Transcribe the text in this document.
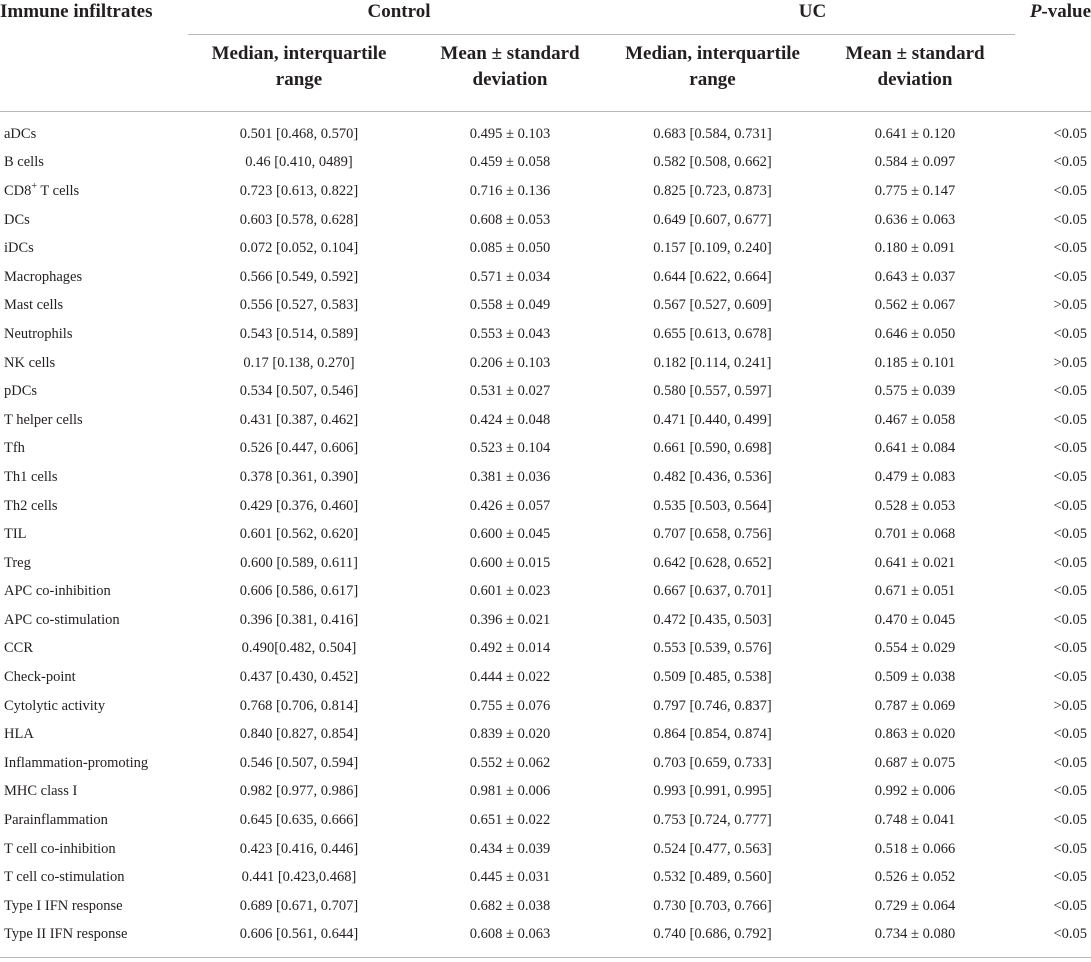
Immune infiltrates	Control		UC		P-value
	Median, interquartile range	Mean ± standard deviation	Median, interquartile range	Mean ± standard deviation	

aDCs	0.501 [0.468, 0.570]	0.495 ± 0.103	0.683 [0.584, 0.731]	0.641 ± 0.120	<0.05
B cells	0.46 [0.410, 0489]	0.459 ± 0.058	0.582 [0.508, 0.662]	0.584 ± 0.097	<0.05
CD8+ T cells	0.723 [0.613, 0.822]	0.716 ± 0.136	0.825 [0.723, 0.873]	0.775 ± 0.147	<0.05
DCs	0.603 [0.578, 0.628]	0.608 ± 0.053	0.649 [0.607, 0.677]	0.636 ± 0.063	<0.05
iDCs	0.072 [0.052, 0.104]	0.085 ± 0.050	0.157 [0.109, 0.240]	0.180 ± 0.091	<0.05
Macrophages	0.566 [0.549, 0.592]	0.571 ± 0.034	0.644 [0.622, 0.664]	0.643 ± 0.037	<0.05
Mast cells	0.556 [0.527, 0.583]	0.558 ± 0.049	0.567 [0.527, 0.609]	0.562 ± 0.067	>0.05
Neutrophils	0.543 [0.514, 0.589]	0.553 ± 0.043	0.655 [0.613, 0.678]	0.646 ± 0.050	<0.05
NK cells	0.17 [0.138, 0.270]	0.206 ± 0.103	0.182 [0.114, 0.241]	0.185 ± 0.101	>0.05
pDCs	0.534 [0.507, 0.546]	0.531 ± 0.027	0.580 [0.557, 0.597]	0.575 ± 0.039	<0.05
T helper cells	0.431 [0.387, 0.462]	0.424 ± 0.048	0.471 [0.440, 0.499]	0.467 ± 0.058	<0.05
Tfh	0.526 [0.447, 0.606]	0.523 ± 0.104	0.661 [0.590, 0.698]	0.641 ± 0.084	<0.05
Th1 cells	0.378 [0.361, 0.390]	0.381 ± 0.036	0.482 [0.436, 0.536]	0.479 ± 0.083	<0.05
Th2 cells	0.429 [0.376, 0.460]	0.426 ± 0.057	0.535 [0.503, 0.564]	0.528 ± 0.053	<0.05
TIL	0.601 [0.562, 0.620]	0.600 ± 0.045	0.707 [0.658, 0.756]	0.701 ± 0.068	<0.05
Treg	0.600 [0.589, 0.611]	0.600 ± 0.015	0.642 [0.628, 0.652]	0.641 ± 0.021	<0.05
APC co-inhibition	0.606 [0.586, 0.617]	0.601 ± 0.023	0.667 [0.637, 0.701]	0.671 ± 0.051	<0.05
APC co-stimulation	0.396 [0.381, 0.416]	0.396 ± 0.021	0.472 [0.435, 0.503]	0.470 ± 0.045	<0.05
CCR	0.490[0.482, 0.504]	0.492 ± 0.014	0.553 [0.539, 0.576]	0.554 ± 0.029	<0.05
Check-point	0.437 [0.430, 0.452]	0.444 ± 0.022	0.509 [0.485, 0.538]	0.509 ± 0.038	<0.05
Cytolytic activity	0.768 [0.706, 0.814]	0.755 ± 0.076	0.797 [0.746, 0.837]	0.787 ± 0.069	>0.05
HLA	0.840 [0.827, 0.854]	0.839 ± 0.020	0.864 [0.854, 0.874]	0.863 ± 0.020	<0.05
Inflammation-promoting	0.546 [0.507, 0.594]	0.552 ± 0.062	0.703 [0.659, 0.733]	0.687 ± 0.075	<0.05
MHC class I	0.982 [0.977, 0.986]	0.981 ± 0.006	0.993 [0.991, 0.995]	0.992 ± 0.006	<0.05
Parainflammation	0.645 [0.635, 0.666]	0.651 ± 0.022	0.753 [0.724, 0.777]	0.748 ± 0.041	<0.05
T cell co-inhibition	0.423 [0.416, 0.446]	0.434 ± 0.039	0.524 [0.477, 0.563]	0.518 ± 0.066	<0.05
T cell co-stimulation	0.441 [0.423,0.468]	0.445 ± 0.031	0.532 [0.489, 0.560]	0.526 ± 0.052	<0.05
Type I IFN response	0.689 [0.671, 0.707]	0.682 ± 0.038	0.730 [0.703, 0.766]	0.729 ± 0.064	<0.05
Type II IFN response	0.606 [0.561, 0.644]	0.608 ± 0.063	0.740 [0.686, 0.792]	0.734 ± 0.080	<0.05
